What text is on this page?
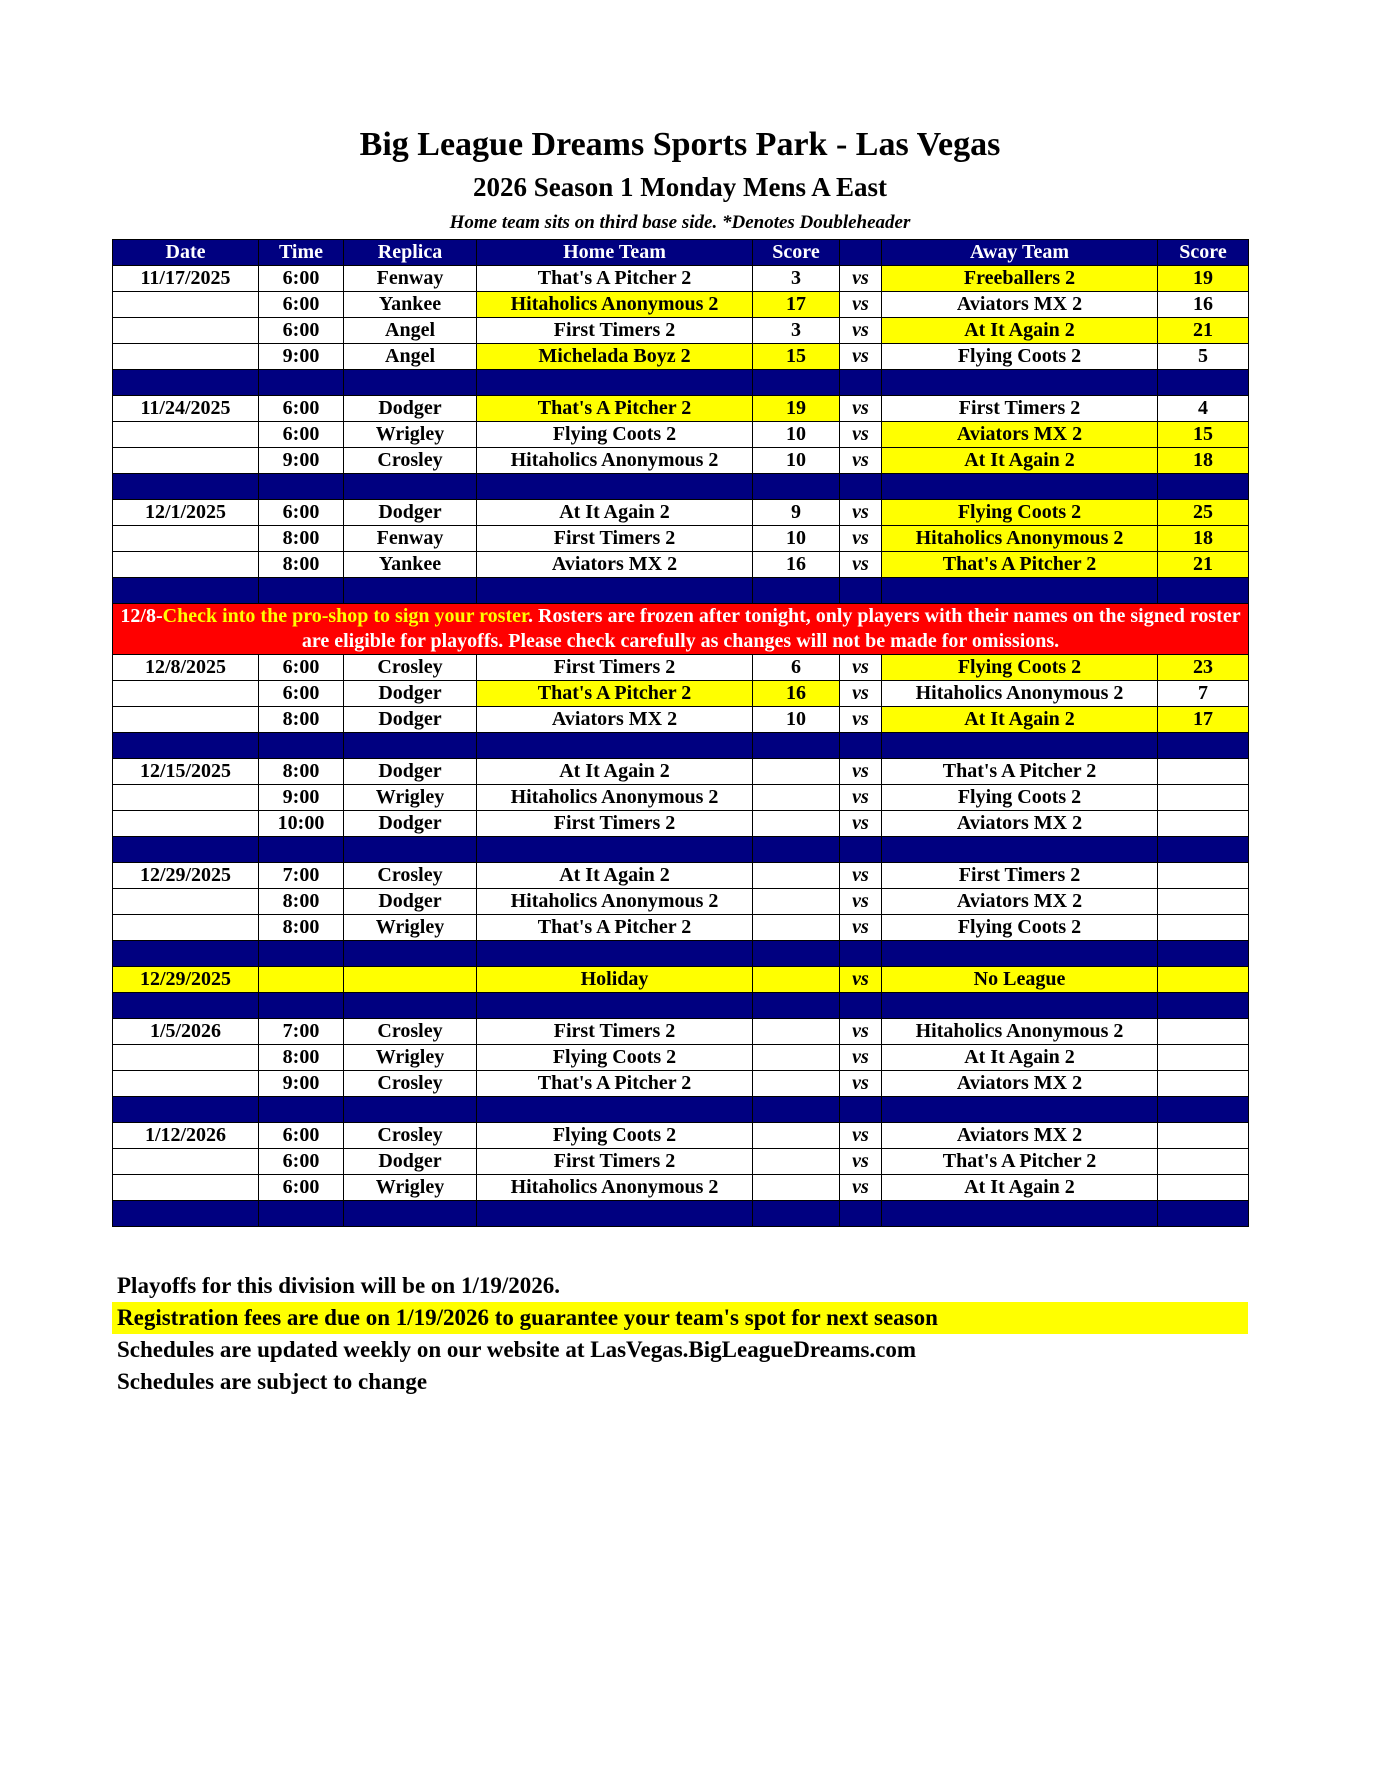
Big League Dreams Sports Park - Las Vegas
2026 Season 1 Monday Mens A East
Home team sits on third base side. *Denotes Doubleheader
Date	Time	Replica	Home Team	Score		Away Team	Score
11/17/2025	6:00	Fenway	That's A Pitcher 2	3	vs	Freeballers 2	19
	6:00	Yankee	Hitaholics Anonymous 2	17	vs	Aviators MX 2	16
	6:00	Angel	First Timers 2	3	vs	At It Again 2	21
	9:00	Angel	Michelada Boyz 2	15	vs	Flying Coots 2	5

11/24/2025	6:00	Dodger	That's A Pitcher 2	19	vs	First Timers 2	4
	6:00	Wrigley	Flying Coots 2	10	vs	Aviators MX 2	15
	9:00	Crosley	Hitaholics Anonymous 2	10	vs	At It Again 2	18

12/1/2025	6:00	Dodger	At It Again 2	9	vs	Flying Coots 2	25
	8:00	Fenway	First Timers 2	10	vs	Hitaholics Anonymous 2	18
	8:00	Yankee	Aviators MX 2	16	vs	That's A Pitcher 2	21

12/8-Check into the pro-shop to sign your roster. Rosters are frozen after tonight, only players with their names on the signed roster are eligible for playoffs. Please check carefully as changes will not be made for omissions.							
12/8/2025	6:00	Crosley	First Timers 2	6	vs	Flying Coots 2	23
	6:00	Dodger	That's A Pitcher 2	16	vs	Hitaholics Anonymous 2	7
	8:00	Dodger	Aviators MX 2	10	vs	At It Again 2	17

12/15/2025	8:00	Dodger	At It Again 2		vs	That's A Pitcher 2	
	9:00	Wrigley	Hitaholics Anonymous 2		vs	Flying Coots 2	
	10:00	Dodger	First Timers 2		vs	Aviators MX 2	

12/29/2025	7:00	Crosley	At It Again 2		vs	First Timers 2	
	8:00	Dodger	Hitaholics Anonymous 2		vs	Aviators MX 2	
	8:00	Wrigley	That's A Pitcher 2		vs	Flying Coots 2	

12/29/2025			Holiday		vs	No League	

1/5/2026	7:00	Crosley	First Timers 2		vs	Hitaholics Anonymous 2	
	8:00	Wrigley	Flying Coots 2		vs	At It Again 2	
	9:00	Crosley	That's A Pitcher 2		vs	Aviators MX 2	

1/12/2026	6:00	Crosley	Flying Coots 2		vs	Aviators MX 2	
	6:00	Dodger	First Timers 2		vs	That's A Pitcher 2	
	6:00	Wrigley	Hitaholics Anonymous 2		vs	At It Again 2	

Playoffs for this division will be on 1/19/2026.
Registration fees are due on 1/19/2026 to guarantee your team's spot for next season
Schedules are updated weekly on our website at LasVegas.BigLeagueDreams.com
Schedules are subject to change
